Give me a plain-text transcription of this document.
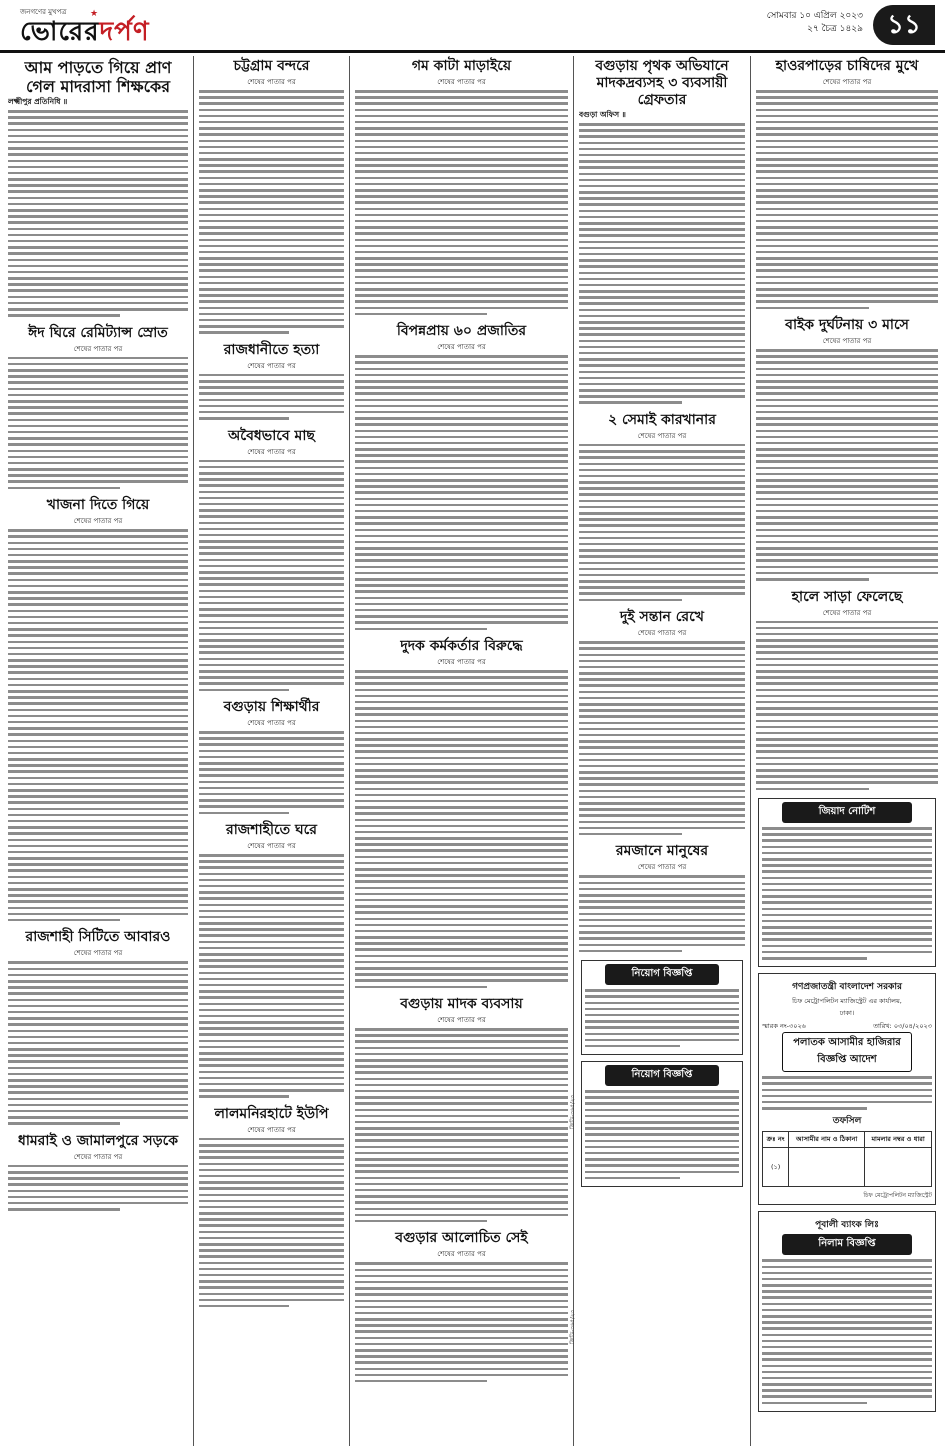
জনগণের মুখপত্র
ভোরেরদর্পণ
★	সোমবার ১০ এপ্রিল ২০২৩
২৭ চৈত্র ১৪২৯ ১১
আম পাড়তে গিয়ে প্রাণ গেল মাদরাসা শিক্ষকের
লক্ষ্মীপুর প্রতিনিধি ॥
ঈদ ঘিরে রেমিট্যান্স স্রোত
শেষের পাতার পর
খাজনা দিতে গিয়ে
শেষের পাতার পর
রাজশাহী সিটিতে আবারও
শেষের পাতার পর
ধামরাই ও জামালপুরে সড়কে
শেষের পাতার পর
চট্টগ্রাম বন্দরে
শেষের পাতার পর
রাজধানীতে হত্যা
শেষের পাতার পর
অবৈধভাবে মাছ
শেষের পাতার পর
বগুড়ায় শিক্ষার্থীর
শেষের পাতার পর
রাজশাহীতে ঘরে
শেষের পাতার পর
লালমনিরহাটে ইউপি
শেষের পাতার পর
গম কাটা মাড়াইয়ে
শেষের পাতার পর
বিপন্নপ্রায় ৬০ প্রজাতির
শেষের পাতার পর
দুদক কর্মকর্তার বিরুদ্ধে
শেষের পাতার পর
বগুড়ায় মাদক ব্যবসায়
শেষের পাতার পর
বগুড়ার আলোচিত সেই
শেষের পাতার পর
বগুড়ায় পৃথক অভিযানে মাদকদ্রব্যসহ ৩ ব্যবসায়ী গ্রেফতার
বগুড়া অফিস ॥
২ সেমাই কারখানার
শেষের পাতার পর
দুই সন্তান রেখে
শেষের পাতার পর
রমজানে মানুষের
শেষের পাতার পর
নিয়োগ বিজ্ঞপ্তি
নিয়োগ বিজ্ঞপ্তি
জিডি-৩৬৫/২৩
জিডি-৩৬৫/২৩
হাওরপাড়ের চাষিদের মুখে
শেষের পাতার পর
বাইক দুর্ঘটনায় ৩ মাসে
শেষের পাতার পর
হালে সাড়া ফেলেছে
শেষের পাতার পর
জিয়াদ নোটিশ
গণপ্রজাতন্ত্রী বাংলাদেশ সরকার
চিফ মেট্রোপলিটন ম্যাজিস্ট্রেট এর কার্যালয়,
ঢাকা।
স্মারক নং-৩০২৬	তারিখ: ০৩/০৪/২০২৩
পলাতক আসামীর হাজিরার বিজ্ঞপ্তি আদেশ
তফসিল
ক্রঃ নং	আসামীর নাম ও ঠিকানা	মামলার নম্বর ও ধারা
(১)		
চিফ মেট্রোপলিটন ম্যাজিস্ট্রেট
পূবালী ব্যাংক লিঃ
নিলাম বিজ্ঞপ্তি
